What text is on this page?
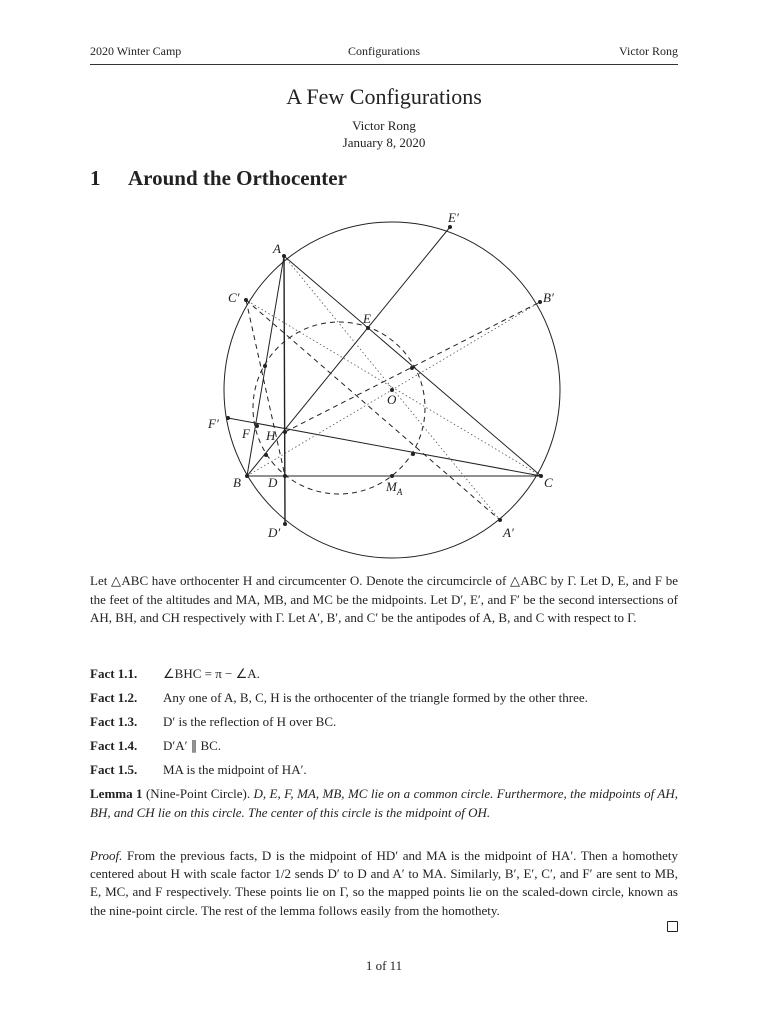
2020 Winter Camp	Configurations	Victor Rong
A Few Configurations
Victor Rong
January 8, 2020
1 Around the Orthocenter
A
B	C
D
E
F H
O
$M_A$
A′
B′
C′
D′
E′
F′
Let △ABC have orthocenter H and circumcenter O. Denote the circumcircle of △ABC by Γ. Let D, E, and F be the feet of the altitudes and MA, MB, and MC be the midpoints. Let D′, E′, and F′ be the second intersections of AH, BH, and CH respectively with Γ. Let A′, B′, and C′ be the antipodes of A, B, and C with respect to Γ.
Fact 1.1. ∠BHC = π − ∠A.
Fact 1.2. Any one of A, B, C, H is the orthocenter of the triangle formed by the other three.
Fact 1.3. D′ is the reflection of H over BC.
Fact 1.4. D′A′ ∥ BC.
Fact 1.5. MA is the midpoint of HA′.
Lemma 1 (Nine-Point Circle). D, E, F, MA, MB, MC lie on a common circle. Furthermore, the midpoints of AH, BH, and CH lie on this circle. The center of this circle is the midpoint of OH.
Proof. From the previous facts, D is the midpoint of HD′ and MA is the midpoint of HA′. Then a homothety centered about H with scale factor 1/2 sends D′ to D and A′ to MA. Similarly, B′, E′, C′, and F′ are sent to MB, E, MC, and F respectively. These points lie on Γ, so the mapped points lie on the scaled-down circle, known as the nine-point circle. The rest of the lemma follows easily from the homothety.
1 of 11
